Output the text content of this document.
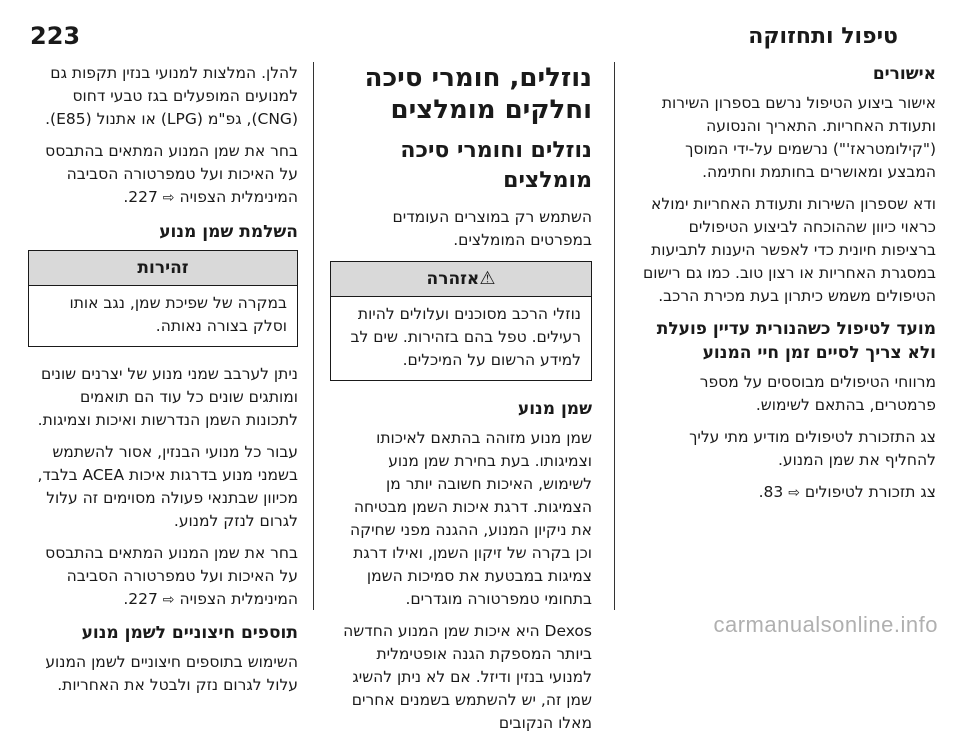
223	טיפול ותחזוקה
אישורים

אישור ביצוע הטיפול נרשם בספרון השירות ותעודת האחריות. התאריך והנסועה ("קילומטראז'") נרשמים על-ידי המוסך המבצע ומאושרים בחותמת וחתימה.

ודא שספרון השירות ותעודת האחריות ימולא כראוי כיוון שההוכחה לביצוע הטיפולים ברציפות חיונית כדי לאפשר היענות לתביעות במסגרת האחריות או רצון טוב. כמו גם רישום הטיפולים משמש כיתרון בעת מכירת הרכב.

מועד לטיפול כשהנורית עדיין פועלת ולא צריך לסיים זמן חיי המנוע

מרווחי הטיפולים מבוססים על מספר פרמטרים, בהתאם לשימוש.

צג התזכורת לטיפולים מודיע מתי עליך להחליף את שמן המנוע.

צג תזכורת לטיפולים ⇨ 83.

נוזלים, חומרי סיכה וחלקים מומלצים
נוזלים וחומרי סיכה מומלצים

השתמש רק במוצרים העומדים במפרטים המומלצים.

⚠אזהרה
נוזלי הרכב מסוכנים ועלולים להיות רעילים. טפל בהם בזהירות. שים לב למידע הרשום על המיכלים.
שמן מנוע

שמן מנוע מזוהה בהתאם לאיכותו וצמיגותו. בעת בחירת שמן מנוע לשימוש, האיכות חשובה יותר מן הצמיגות. דרגת איכות השמן מבטיחה את ניקיון המנוע, ההגנה מפני שחיקה וכן בקרה של זיקון השמן, ואילו דרגת צמיגות במבטעת את סמיכות השמן בתחומי טמפרטורה מוגדרים.

Dexos היא איכות שמן המנוע החדשה ביותר המספקת הגנה אופטימלית למנועי בנזין ודיזל. אם לא ניתן להשיג שמן זה, יש להשתמש בשמנים אחרים מאלו הנקובים

להלן. המלצות למנועי בנזין תקפות גם למנועים המופעלים בגז טבעי דחוס (CNG), גפ"מ (LPG) או אתנול (E85).

בחר את שמן המנוע המתאים בהתבסס על האיכות ועל טמפרטורה הסביבה המינימלית הצפויה ⇨ 227.

השלמת שמן מנוע
זהירות
במקרה של שפיכת שמן, נגב אותו וסלק בצורה נאותה.

ניתן לערבב שמני מנוע של יצרנים שונים ומותגים שונים כל עוד הם תואמים לתכונות השמן הנדרשות ואיכות וצמיגות.

עבור כל מנועי הבנזין, אסור להשתמש בשמני מנוע בדרגות איכות ACEA בלבד, מכיוון שבתנאי פעולה מסוימים זה עלול לגרום לנזק למנוע.

בחר את שמן המנוע המתאים בהתבסס על האיכות ועל טמפרטורה הסביבה המינימלית הצפויה ⇨ 227.

תוספים חיצוניים לשמן מנוע

השימוש בתוספים חיצוניים לשמן המנוע עלול לגרום נזק ולבטל את האחריות.

carmanualsonline.info
